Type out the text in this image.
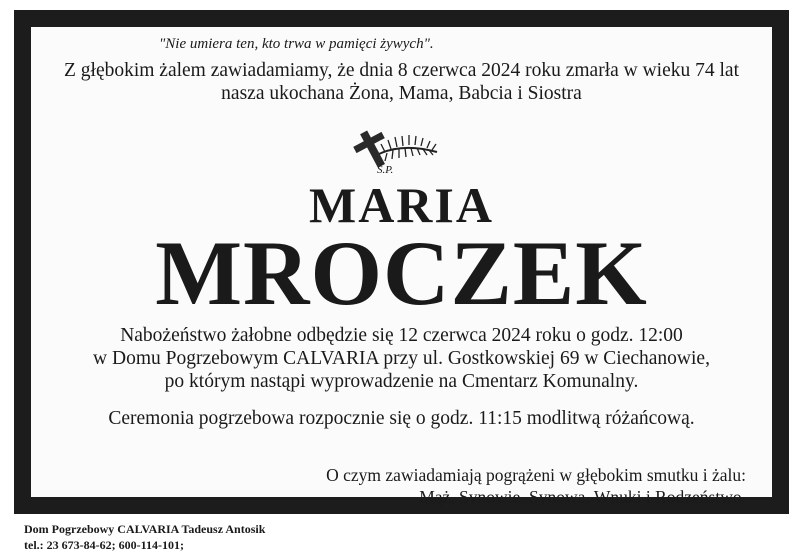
"Nie umiera ten, kto trwa w pamięci żywych".
Z głębokim żalem zawiadamiamy, że dnia 8 czerwca 2024 roku zmarła w wieku 74 lat
nasza ukochana Żona, Mama, Babcia i Siostra
Ś.P.
MARIA
MROCZEK
Nabożeństwo żałobne odbędzie się 12 czerwca 2024 roku o godz. 12:00
w Domu Pogrzebowym CALVARIA przy ul. Gostkowskiej 69 w Ciechanowie,
po którym nastąpi wyprowadzenie na Cmentarz Komunalny.
Ceremonia pogrzebowa rozpocznie się o godz. 11:15 modlitwą różańcową.
O czym zawiadamiają pogrążeni w głębokim smutku i żalu:
Mąż, Synowie, Synowa, Wnuki i Rodzeństwo.
Dom Pogrzebowy CALVARIA Tadeusz Antosik
tel.: 23 673-84-62; 600-114-101;
